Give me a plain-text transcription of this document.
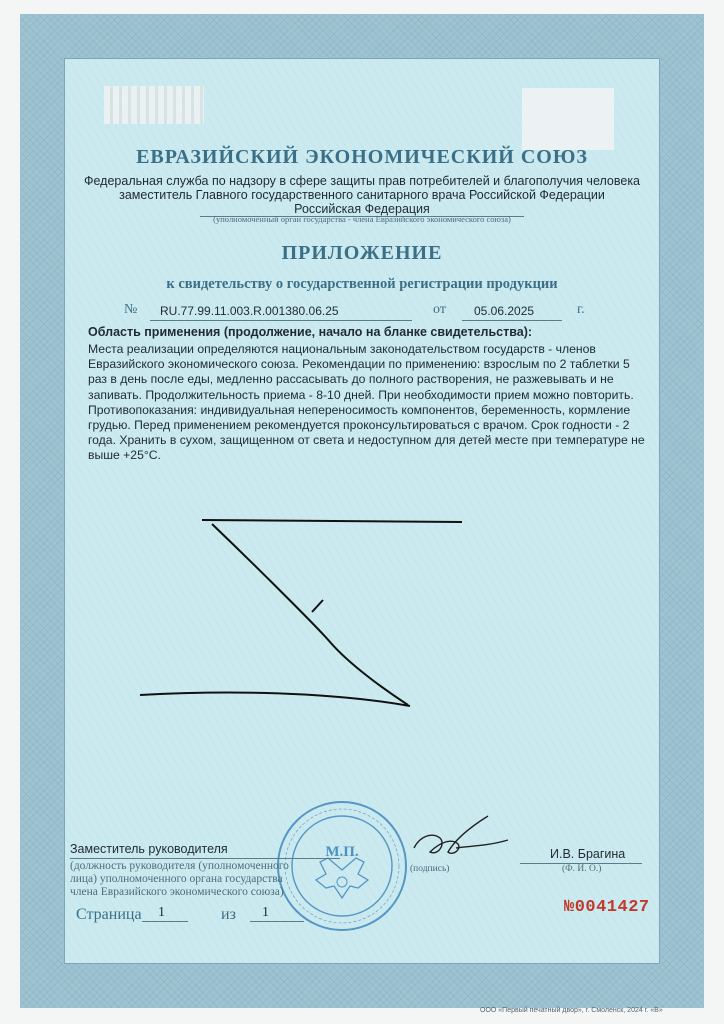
ЕВРАЗИЙСКИЙ ЭКОНОМИЧЕСКИЙ СОЮЗ
Федеральная служба по надзору в сфере защиты прав потребителей и благополучия человека
заместитель Главного государственного санитарного врача Российской Федерации
Российская Федерация
(уполномоченный орган государства - члена Евразийского экономического союза)
ПРИЛОЖЕНИЕ
к свидетельству о государственной регистрации продукции
№ RU.77.99.11.003.R.001380.06.25	от 05.06.2025	г.
Область применения (продолжение, начало на бланке свидетельства):
Места реализации определяются национальным законодательством государств - членов
Евразийского экономического союза. Рекомендации по применению: взрослым по 2 таблетки 5
раз в день после еды, медленно рассасывать до полного растворения, не разжевывать и не
запивать. Продолжительность приема - 8-10 дней. При необходимости прием можно повторить.
Противопоказания: индивидуальная непереносимость компонентов, беременность, кормление
грудью. Перед применением рекомендуется проконсультироваться с врачом. Срок годности - 2
года. Хранить в сухом, защищенном от света и недоступном для детей месте при температуре не
выше +25°C.
М.П.
Заместитель руководителя
(должность руководителя (уполномоченного
лица) уполномоченного органа государства
члена Евразийского экономического союза)
(подпись)
И.В. Брагина
(Ф. И. О.)
Страница 1	из 1	№0041427
ООО «Первый печатный двор», г. Смоленск, 2024 г. «В»
